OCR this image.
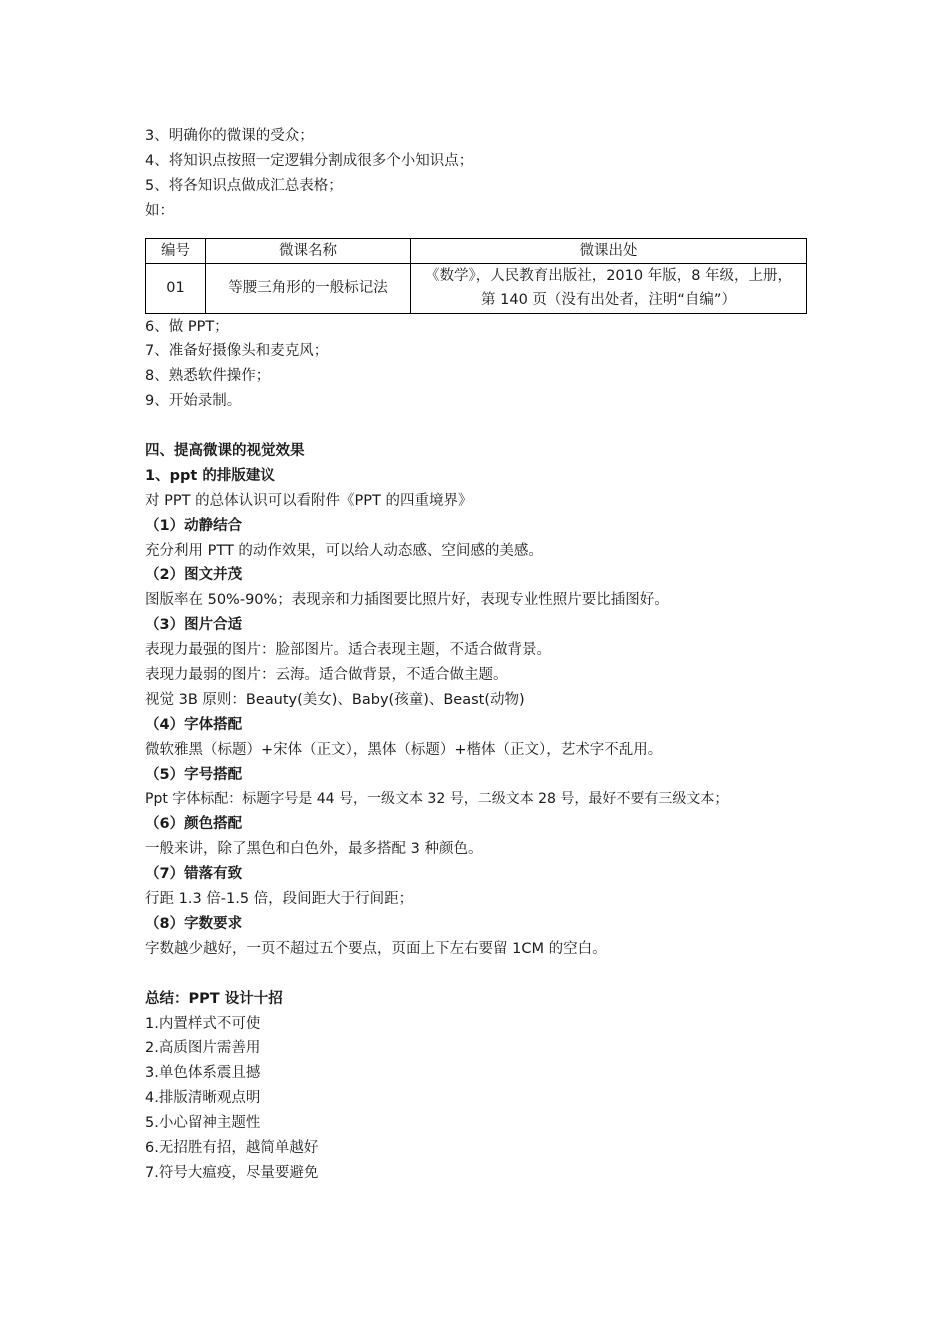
3、明确你的微课的受众；
4、将知识点按照一定逻辑分割成很多个小知识点；
5、将各知识点做成汇总表格；
如：
编号	微课名称	微课出处
01	等腰三角形的一般标记法	《数学》，人民教育出版社，2010 年版，8 年级，上册，
第 140 页（没有出处者，注明“自编”）
6、做 PPT；
7、准备好摄像头和麦克风；
8、熟悉软件操作；
9、开始录制。
四、提高微课的视觉效果
1、ppt 的排版建议
对 PPT 的总体认识可以看附件《PPT 的四重境界》
（1）动静结合
充分利用 PTT 的动作效果，可以给人动态感、空间感的美感。
（2）图文并茂
图版率在 50%-90%；表现亲和力插图要比照片好，表现专业性照片要比插图好。
（3）图片合适
表现力最强的图片：脸部图片。适合表现主题，不适合做背景。
表现力最弱的图片：云海。适合做背景，不适合做主题。
视觉 3B 原则：Beauty(美女)、Baby(孩童)、Beast(动物)
（4）字体搭配
微软雅黑（标题）+宋体（正文），黑体（标题）+楷体（正文），艺术字不乱用。
（5）字号搭配
Ppt 字体标配：标题字号是 44 号，一级文本 32 号，二级文本 28 号，最好不要有三级文本；
（6）颜色搭配
一般来讲，除了黑色和白色外，最多搭配 3 种颜色。
（7）错落有致
行距 1.3 倍-1.5 倍，段间距大于行间距；
（8）字数要求
字数越少越好，一页不超过五个要点，页面上下左右要留 1CM 的空白。
总结：PPT 设计十招
1.内置样式不可使
2.高质图片需善用
3.单色体系震且撼
4.排版清晰观点明
5.小心留神主题性
6.无招胜有招，越简单越好
7.符号大瘟疫，尽量要避免
